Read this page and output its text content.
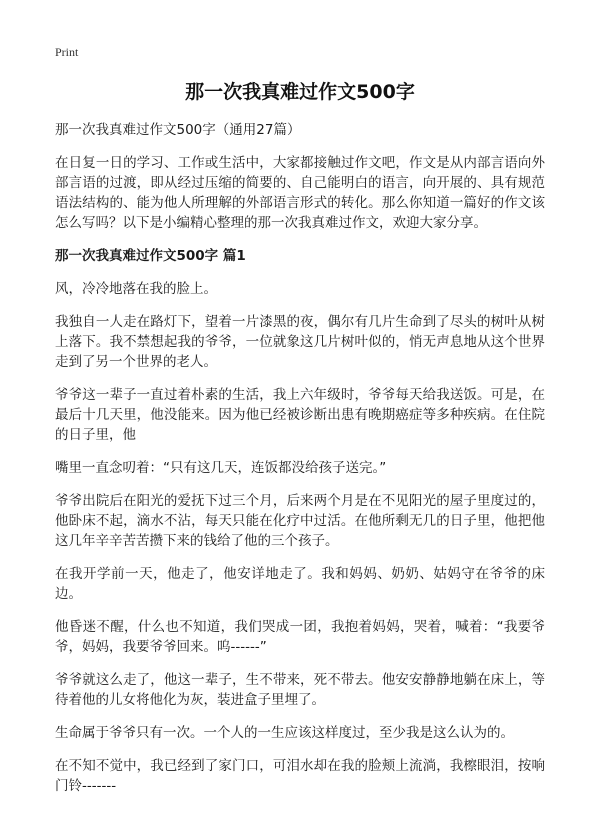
Print
那一次我真难过作文500字

那一次我真难过作文500字（通用27篇）

在日复一日的学习、工作或生活中，大家都接触过作文吧，作文是从内部言语向外部言语的过渡，即从经过压缩的简要的、自己能明白的语言，向开展的、具有规范语法结构的、能为他人所理解的外部语言形式的转化。那么你知道一篇好的作文该怎么写吗？以下是小编精心整理的那一次我真难过作文，欢迎大家分享。

那一次我真难过作文500字 篇1

风，冷冷地落在我的脸上。

我独自一人走在路灯下，望着一片漆黑的夜，偶尔有几片生命到了尽头的树叶从树上落下。我不禁想起我的爷爷，一位就象这几片树叶似的，悄无声息地从这个世界走到了另一个世界的老人。

爷爷这一辈子一直过着朴素的生活，我上六年级时，爷爷每天给我送饭。可是，在最后十几天里，他没能来。因为他已经被诊断出患有晚期癌症等多种疾病。在住院的日子里，他

嘴里一直念叨着：“只有这几天，连饭都没给孩子送完。”

爷爷出院后在阳光的爱抚下过三个月，后来两个月是在不见阳光的屋子里度过的，他卧床不起，滴水不沾，每天只能在化疗中过活。在他所剩无几的日子里，他把他这几年辛辛苦苦攒下来的钱给了他的三个孩子。

在我开学前一天，他走了，他安详地走了。我和妈妈、奶奶、姑妈守在爷爷的床边。

他昏迷不醒，什么也不知道，我们哭成一团，我抱着妈妈，哭着，喊着：“我要爷爷，妈妈，我要爷爷回来。呜------”

爷爷就这么走了，他这一辈子，生不带来，死不带去。他安安静静地躺在床上，等待着他的儿女将他化为灰，装进盒子里埋了。

生命属于爷爷只有一次。一个人的一生应该这样度过，至少我是这么认为的。

在不知不觉中，我已经到了家门口，可泪水却在我的脸颊上流淌，我檫眼泪，按响门铃-------
